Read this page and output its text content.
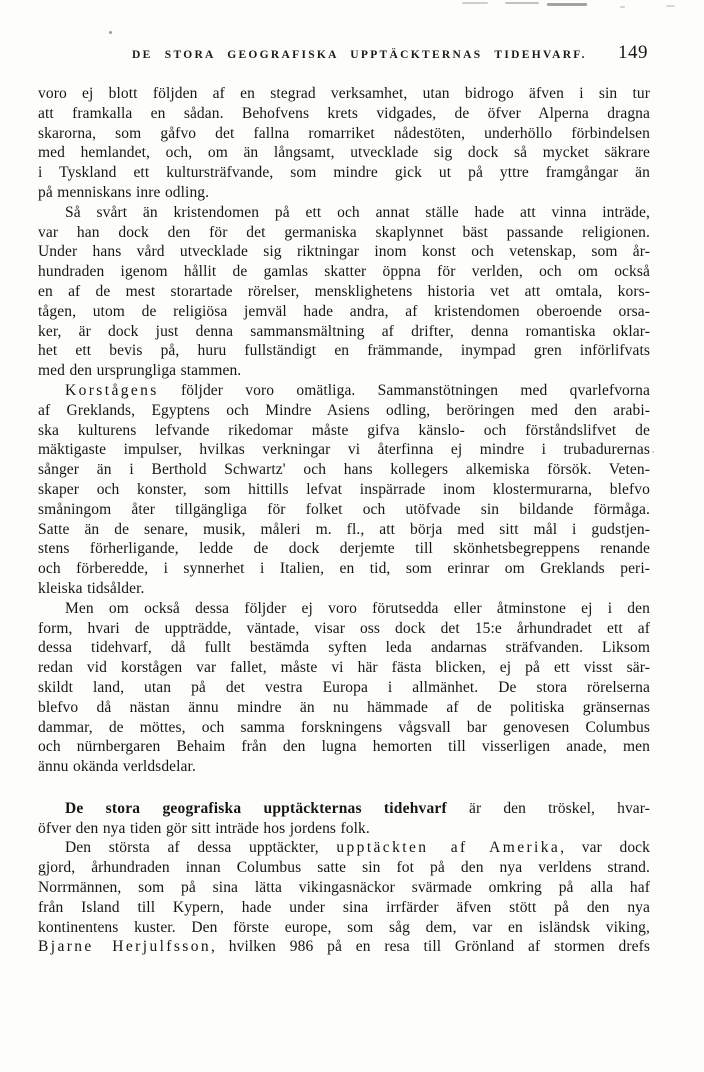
DE STORA GEOGRAFISKA UPPTÄCKTERNAS TIDEHVARF. 149
voro ej blott följden af en stegrad verksamhet, utan bidrogo äfven i sin tur
att framkalla en sådan. Behofvens krets vidgades, de öfver Alperna dragna
skarorna, som gåfvo det fallna romarriket nådestöten, underhöllo förbindelsen
med hemlandet, och, om än långsamt, utvecklade sig dock så mycket säkrare
i Tyskland ett kultursträfvande, som mindre gick ut på yttre framgångar än
på menniskans inre odling.
Så svårt än kristendomen på ett och annat ställe hade att vinna inträde,
var han dock den för det germaniska skaplynnet bäst passande religionen.
Under hans vård utvecklade sig riktningar inom konst och vetenskap, som år-
hundraden igenom hållit de gamlas skatter öppna för verlden, och om också
en af de mest storartade rörelser, mensklighetens historia vet att omtala, kors-
tågen, utom de religiösa jemväl hade andra, af kristendomen oberoende orsa-
ker, är dock just denna sammansmältning af drifter, denna romantiska oklar-
het ett bevis på, huru fullständigt en främmande, inympad gren införlifvats
med den ursprungliga stammen.
Korstågens följder voro omätliga. Sammanstötningen med qvarlefvorna
af Greklands, Egyptens och Mindre Asiens odling, beröringen med den arabi-
ska kulturens lefvande rikedomar måste gifva känslo- och förståndslifvet de
mäktigaste impulser, hvilkas verkningar vi återfinna ej mindre i trubadurernas
sånger än i Berthold Schwartz' och hans kollegers alkemiska försök. Veten-
skaper och konster, som hittills lefvat inspärrade inom klostermurarna, blefvo
småningom åter tillgängliga för folket och utöfvade sin bildande förmåga.
Satte än de senare, musik, måleri m. fl., att börja med sitt mål i gudstjen-
stens förherligande, ledde de dock derjemte till skönhetsbegreppens renande
och förberedde, i synnerhet i Italien, en tid, som erinrar om Greklands peri-
kleiska tidsålder.
Men om också dessa följder ej voro förutsedda eller åtminstone ej i den
form, hvari de uppträdde, väntade, visar oss dock det 15:e århundradet ett af
dessa tidehvarf, då fullt bestämda syften leda andarnas sträfvanden. Liksom
redan vid korstågen var fallet, måste vi här fästa blicken, ej på ett visst sär-
skildt land, utan på det vestra Europa i allmänhet. De stora rörelserna
blefvo då nästan ännu mindre än nu hämmade af de politiska gränsernas
dammar, de möttes, och samma forskningens vågsvall bar genovesen Columbus
och nürnbergaren Behaim från den lugna hemorten till visserligen anade, men
ännu okända verldsdelar.
De stora geografiska upptäckternas tidehvarf är den tröskel, hvar-
öfver den nya tiden gör sitt inträde hos jordens folk.
Den största af dessa upptäckter, upptäckten af Amerika, var dock
gjord, århundraden innan Columbus satte sin fot på den nya verldens strand.
Norrmännen, som på sina lätta vikingasnäckor svärmade omkring på alla haf
från Island till Kypern, hade under sina irrfärder äfven stött på den nya
kontinentens kuster. Den förste europe, som såg dem, var en isländsk viking,
Bjarne Herjulfsson, hvilken 986 på en resa till Grönland af stormen drefs
